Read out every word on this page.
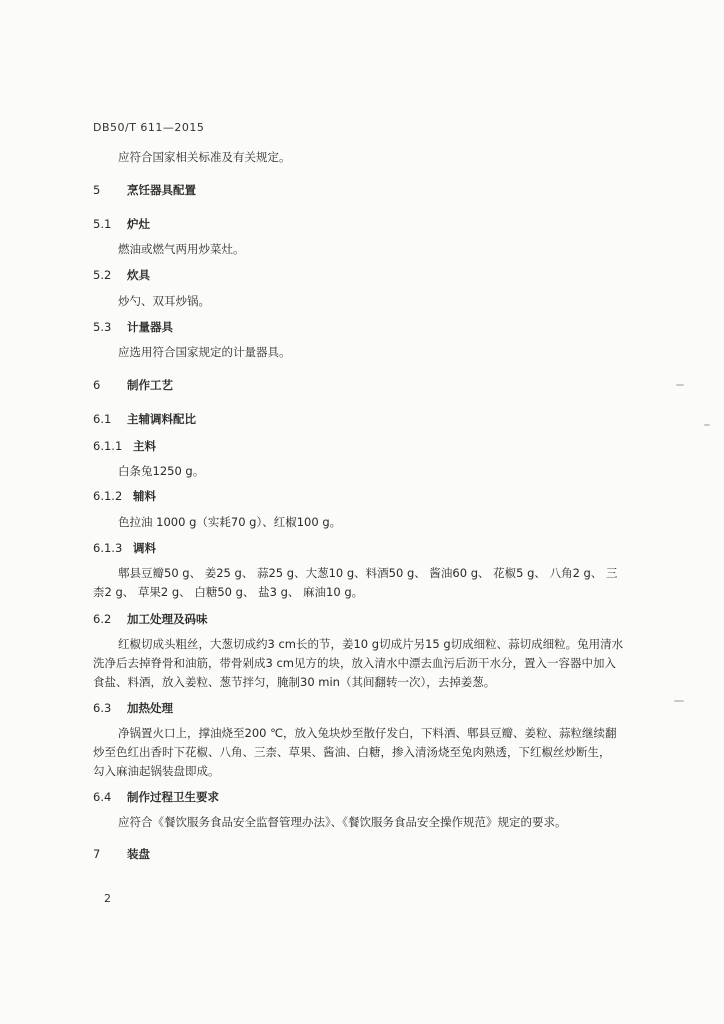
DB50/T 611—2015
应符合国家相关标准及有关规定。
5 烹饪器具配置
5.1 炉灶
燃油或燃气两用炒菜灶。
5.2 炊具
炒勺、双耳炒锅。
5.3 计量器具
应选用符合国家规定的计量器具。
6 制作工艺
6.1 主辅调料配比
6.1.1 主料
白条兔1250 g。
6.1.2 辅料
色拉油 1000 g（实耗70 g）、红椒100 g。
6.1.3 调料
郫县豆瓣50 g、 姜25 g、 蒜25 g、大葱10 g、料酒50 g、 酱油60 g、 花椒5 g、 八角2 g、 三
柰2 g、 草果2 g、 白糖50 g、 盐3 g、 麻油10 g。
6.2 加工处理及码味
红椒切成头粗丝，大葱切成约3 cm长的节，姜10 g切成片另15 g切成细粒、蒜切成细粒。兔用清水
洗净后去掉脊骨和油筋，带骨剁成3 cm见方的块，放入清水中漂去血污后沥干水分，置入一容器中加入
食盐、料酒，放入姜粒、葱节拌匀，腌制30 min（其间翻转一次），去掉姜葱。
6.3 加热处理
净锅置火口上，撑油烧至200 ℃，放入兔块炒至散仔发白，下料酒、郫县豆瓣、姜粒、蒜粒继续翻
炒至色红出香时下花椒、八角、三柰、草果、酱油、白糖，掺入清汤烧至兔肉熟透，下红椒丝炒断生，
勾入麻油起锅装盘即成。
6.4 制作过程卫生要求
应符合《餐饮服务食品安全监督管理办法》、《餐饮服务食品安全操作规范》规定的要求。
7 装盘
2
